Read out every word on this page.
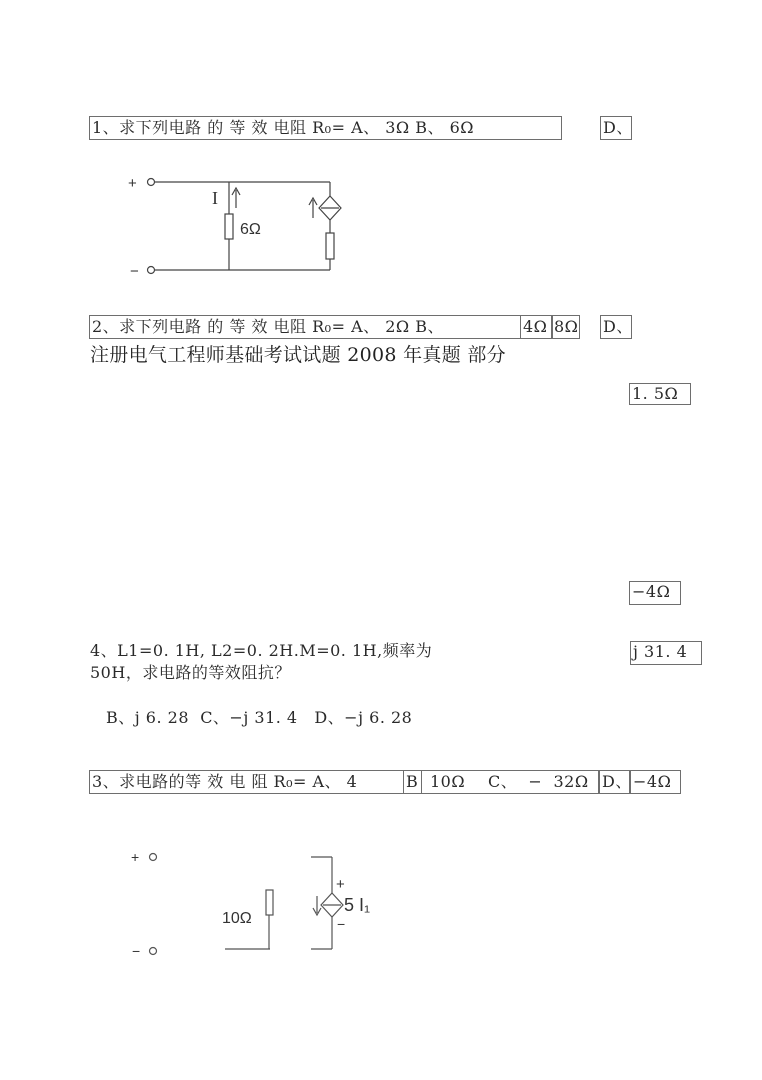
1、求下列电路 的 等 效 电阻 R₀= A、 3Ω B、 6Ω	D、
+
−
I
6Ω
2、求下列电路 的 等 效 电阻 R₀= A、 2Ω B、	4Ω 8Ω D、
注册电气工程师基础考试试题 2008 年真题 部分
1. 5Ω
−4Ω
4、L1=0. 1H, L2=0. 2H.M=0. 1H,频率为
50H，求电路的等效阻抗？
j 31. 4
B、j 6. 28  C、−j 31. 4   D、−j 6. 28
3、求电路的等 效 电 阻 R₀= A、 4	B 10Ω C、  −  32Ω D、 −4Ω
+
−
10Ω
+
5 I₁
−
